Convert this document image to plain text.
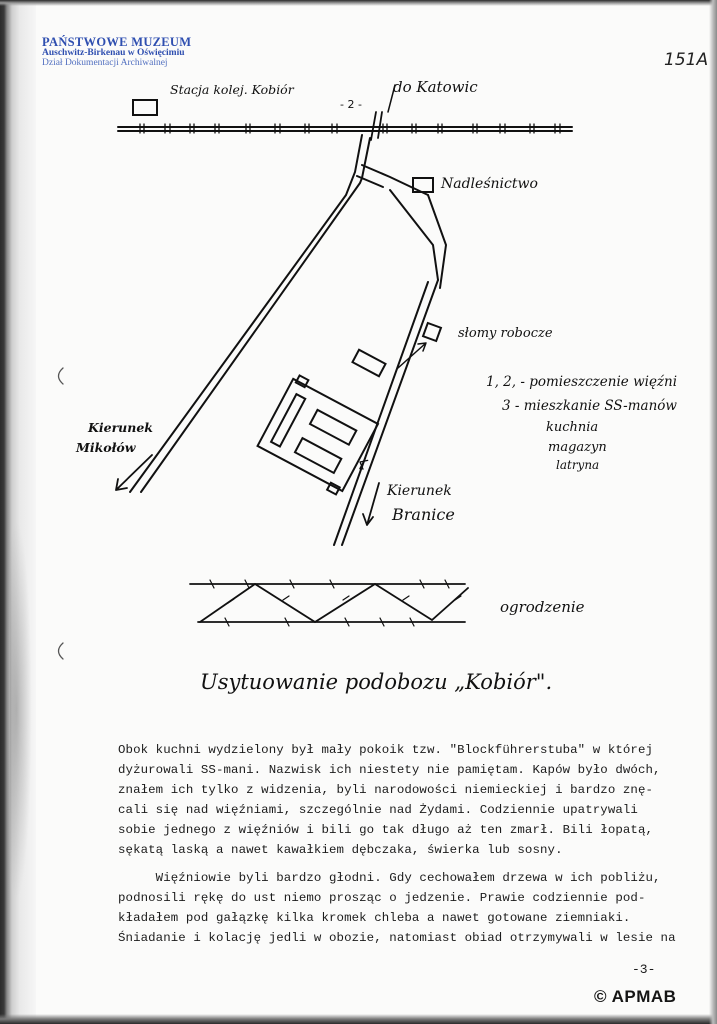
PAŃSTWOWE MUZEUM
Auschwitz-Birkenau w Oświęcimiu
Dział Dokumentacji Archiwalnej	151A
- 2 -
Stacja kolej. Kobiór	do Katowic
Nadleśnictwo
słomy robocze
1, 2, - pomieszczenie więźni
3 - mieszkanie SS-manów
kuchnia
magazyn
latryna
Kierunek
Mikołów
Kierunek
Branice
ogrodzenie
Usytuowanie podobozu „Kobiór".

Obok kuchni wydzielony był mały pokoik tzw. "Blockführerstuba" w której

dyżurowali SS-mani. Nazwisk ich niestety nie pamiętam. Kapów było dwóch,

znałem ich tylko z widzenia, byli narodowości niemieckiej i bardzo znę-

cali się nad więźniami, szczególnie nad Żydami. Codziennie upatrywali

sobie jednego z więźniów i bili go tak długo aż ten zmarł. Bili łopatą,

sękatą laską a nawet kawałkiem dębczaka, świerka lub sosny.

Więźniowie byli bardzo głodni. Gdy cechowałem drzewa w ich pobliżu,

podnosili rękę do ust niemo prosząc o jedzenie. Prawie codziennie pod-

kładałem pod gałązkę kilka kromek chleba a nawet gotowane ziemniaki.

Śniadanie i kolację jedli w obozie, natomiast obiad otrzymywali w lesie na

-3-
© APMAB
